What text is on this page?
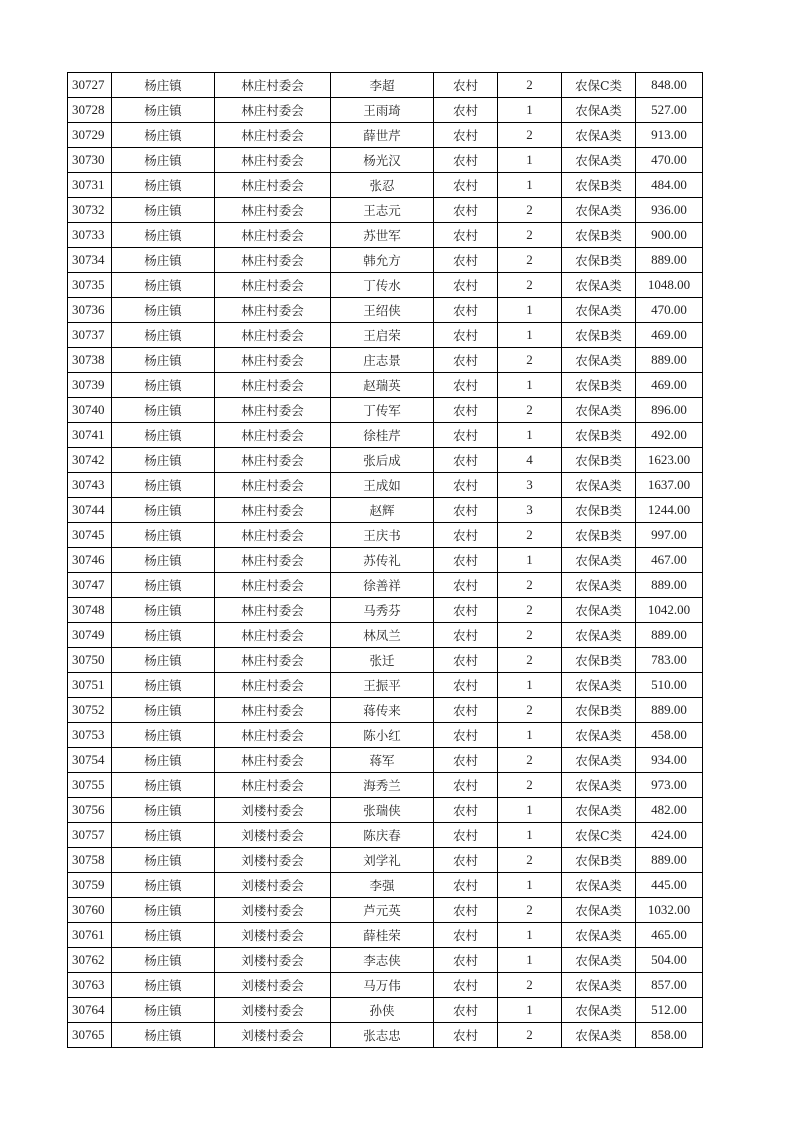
30727	杨庄镇	林庄村委会	李超	农村	2	农保C类	848.00
30728	杨庄镇	林庄村委会	王雨琦	农村	1	农保A类	527.00
30729	杨庄镇	林庄村委会	薛世芹	农村	2	农保A类	913.00
30730	杨庄镇	林庄村委会	杨光汉	农村	1	农保A类	470.00
30731	杨庄镇	林庄村委会	张忍	农村	1	农保B类	484.00
30732	杨庄镇	林庄村委会	王志元	农村	2	农保A类	936.00
30733	杨庄镇	林庄村委会	苏世军	农村	2	农保B类	900.00
30734	杨庄镇	林庄村委会	韩允方	农村	2	农保B类	889.00
30735	杨庄镇	林庄村委会	丁传水	农村	2	农保A类	1048.00
30736	杨庄镇	林庄村委会	王绍侠	农村	1	农保A类	470.00
30737	杨庄镇	林庄村委会	王启荣	农村	1	农保B类	469.00
30738	杨庄镇	林庄村委会	庄志景	农村	2	农保A类	889.00
30739	杨庄镇	林庄村委会	赵瑞英	农村	1	农保B类	469.00
30740	杨庄镇	林庄村委会	丁传军	农村	2	农保A类	896.00
30741	杨庄镇	林庄村委会	徐桂芹	农村	1	农保B类	492.00
30742	杨庄镇	林庄村委会	张后成	农村	4	农保B类	1623.00
30743	杨庄镇	林庄村委会	王成如	农村	3	农保A类	1637.00
30744	杨庄镇	林庄村委会	赵辉	农村	3	农保B类	1244.00
30745	杨庄镇	林庄村委会	王庆书	农村	2	农保B类	997.00
30746	杨庄镇	林庄村委会	苏传礼	农村	1	农保A类	467.00
30747	杨庄镇	林庄村委会	徐善祥	农村	2	农保A类	889.00
30748	杨庄镇	林庄村委会	马秀芬	农村	2	农保A类	1042.00
30749	杨庄镇	林庄村委会	林凤兰	农村	2	农保A类	889.00
30750	杨庄镇	林庄村委会	张迁	农村	2	农保B类	783.00
30751	杨庄镇	林庄村委会	王振平	农村	1	农保A类	510.00
30752	杨庄镇	林庄村委会	蒋传来	农村	2	农保B类	889.00
30753	杨庄镇	林庄村委会	陈小红	农村	1	农保A类	458.00
30754	杨庄镇	林庄村委会	蒋军	农村	2	农保A类	934.00
30755	杨庄镇	林庄村委会	海秀兰	农村	2	农保A类	973.00
30756	杨庄镇	刘楼村委会	张瑞侠	农村	1	农保A类	482.00
30757	杨庄镇	刘楼村委会	陈庆春	农村	1	农保C类	424.00
30758	杨庄镇	刘楼村委会	刘学礼	农村	2	农保B类	889.00
30759	杨庄镇	刘楼村委会	李强	农村	1	农保A类	445.00
30760	杨庄镇	刘楼村委会	芦元英	农村	2	农保A类	1032.00
30761	杨庄镇	刘楼村委会	薛桂荣	农村	1	农保A类	465.00
30762	杨庄镇	刘楼村委会	李志侠	农村	1	农保A类	504.00
30763	杨庄镇	刘楼村委会	马万伟	农村	2	农保A类	857.00
30764	杨庄镇	刘楼村委会	孙侠	农村	1	农保A类	512.00
30765	杨庄镇	刘楼村委会	张志忠	农村	2	农保A类	858.00
